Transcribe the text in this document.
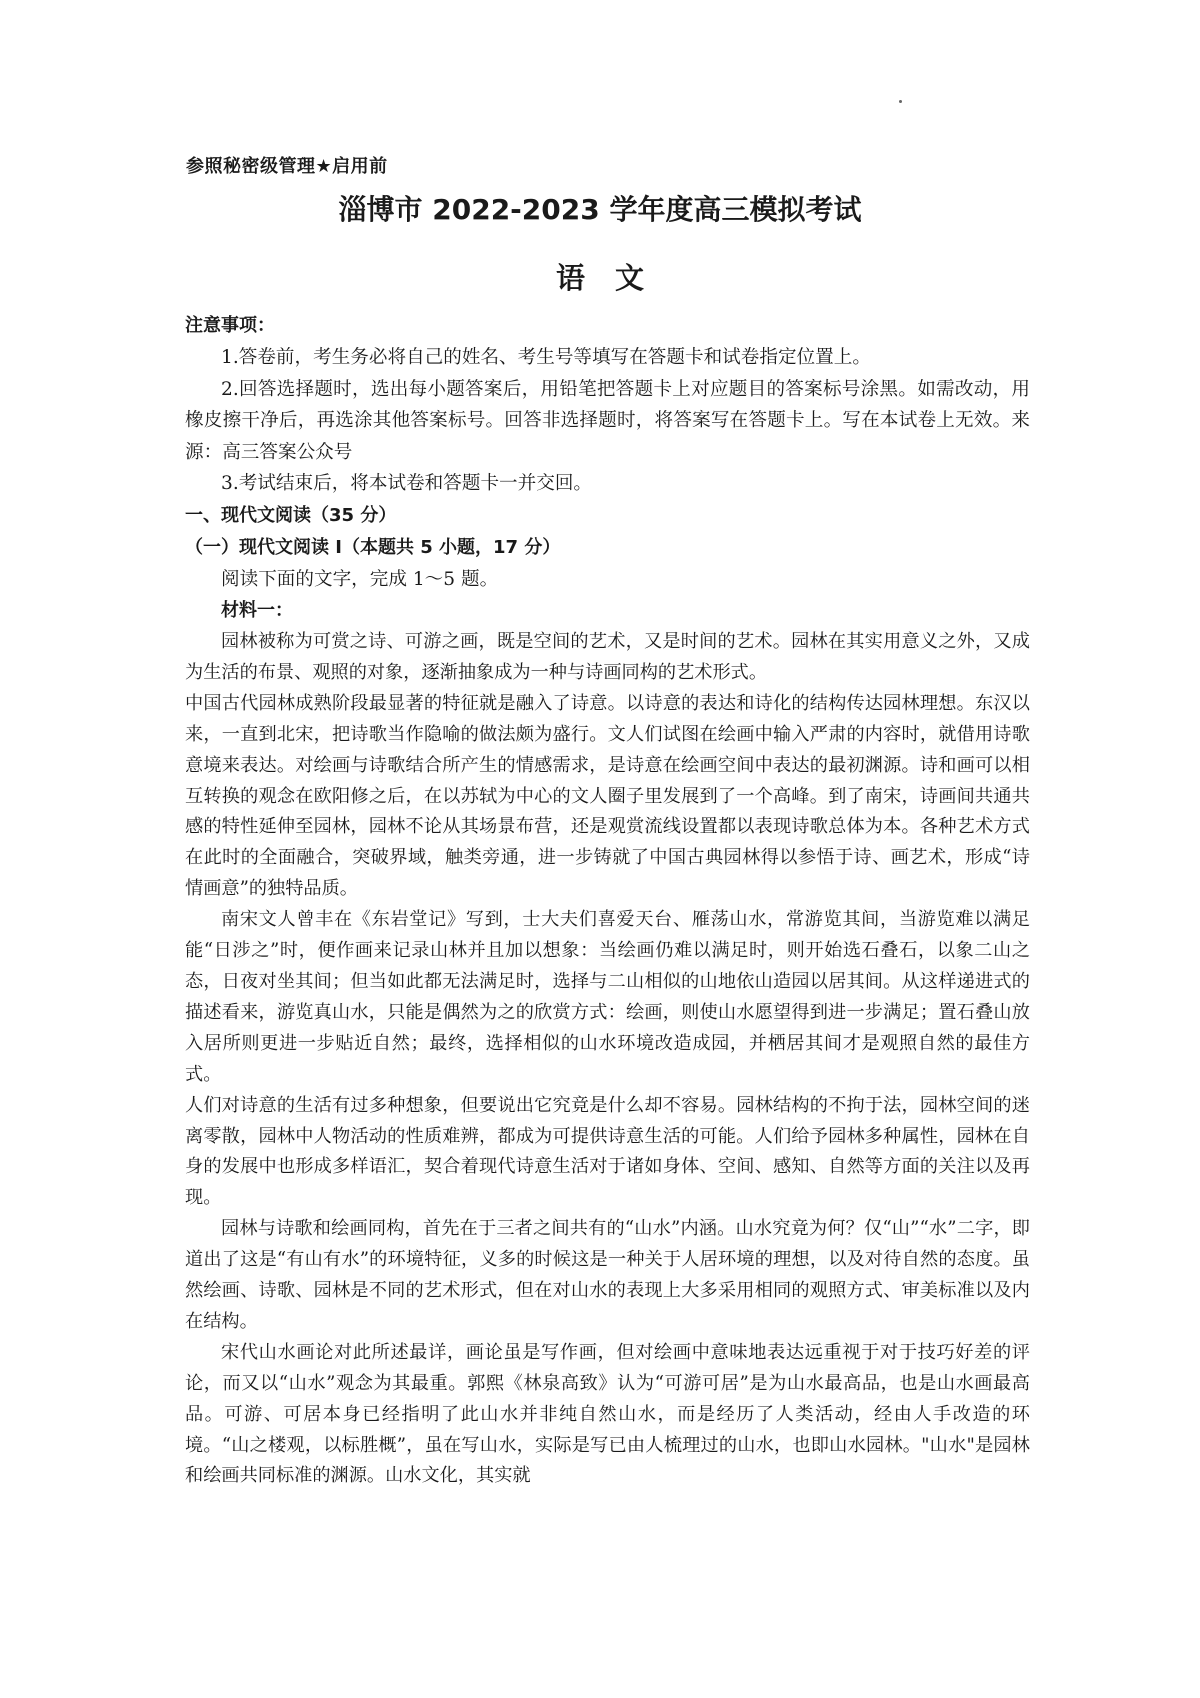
参照秘密级管理★启用前
淄博市 2022-2023 学年度高三模拟考试
语文
注意事项：

1.答卷前，考生务必将自己的姓名、考生号等填写在答题卡和试卷指定位置上。

2.回答选择题时，选出每小题答案后，用铅笔把答题卡上对应题目的答案标号涂黑。如需改动，用橡皮擦干净后，再选涂其他答案标号。回答非选择题时，将答案写在答题卡上。写在本试卷上无效。来源：高三答案公众号

3.考试结束后，将本试卷和答题卡一并交回。

一、现代文阅读（35 分）
（一）现代文阅读 I（本题共 5 小题，17 分）

阅读下面的文字，完成 1～5 题。

材料一：

园林被称为可赏之诗、可游之画，既是空间的艺术，又是时间的艺术。园林在其实用意义之外，又成为生活的布景、观照的对象，逐渐抽象成为一种与诗画同构的艺术形式。

中国古代园林成熟阶段最显著的特征就是融入了诗意。以诗意的表达和诗化的结构传达园林理想。东汉以来，一直到北宋，把诗歌当作隐喻的做法颇为盛行。文人们试图在绘画中输入严肃的内容时，就借用诗歌意境来表达。对绘画与诗歌结合所产生的情感需求，是诗意在绘画空间中表达的最初渊源。诗和画可以相互转换的观念在欧阳修之后，在以苏轼为中心的文人圈子里发展到了一个高峰。到了南宋，诗画间共通共感的特性延伸至园林，园林不论从其场景布营，还是观赏流线设置都以表现诗歌总体为本。各种艺术方式在此时的全面融合，突破界域，触类旁通，进一步铸就了中国古典园林得以参悟于诗、画艺术，形成“诗情画意”的独特品质。

南宋文人曾丰在《东岩堂记》写到，士大夫们喜爱天台、雁荡山水，常游览其间，当游览难以满足能“日涉之”时，便作画来记录山林并且加以想象：当绘画仍难以满足时，则开始选石叠石，以象二山之态，日夜对坐其间；但当如此都无法满足时，选择与二山相似的山地依山造园以居其间。从这样递进式的描述看来，游览真山水，只能是偶然为之的欣赏方式：绘画，则使山水愿望得到进一步满足；置石叠山放入居所则更进一步贴近自然；最终，选择相似的山水环境改造成园，并栖居其间才是观照自然的最佳方式。

人们对诗意的生活有过多种想象，但要说出它究竟是什么却不容易。园林结构的不拘于法，园林空间的迷离零散，园林中人物活动的性质难辨，都成为可提供诗意生活的可能。人们给予园林多种属性，园林在自身的发展中也形成多样语汇，契合着现代诗意生活对于诸如身体、空间、感知、自然等方面的关注以及再现。

园林与诗歌和绘画同构，首先在于三者之间共有的“山水”内涵。山水究竟为何？仅“山”“水”二字，即道出了这是“有山有水”的环境特征，义多的时候这是一种关于人居环境的理想，以及对待自然的态度。虽然绘画、诗歌、园林是不同的艺术形式，但在对山水的表现上大多采用相同的观照方式、审美标准以及内在结构。

宋代山水画论对此所述最详，画论虽是写作画，但对绘画中意味地表达远重视于对于技巧好差的评论，而又以“山水”观念为其最重。郭熙《林泉高致》认为“可游可居”是为山水最高品，也是山水画最高品。可游、可居本身已经指明了此山水并非纯自然山水，而是经历了人类活动，经由人手改造的环境。“山之楼观，以标胜概”，虽在写山水，实际是写已由人梳理过的山水，也即山水园林。"山水"是园林和绘画共同标准的渊源。山水文化，其实就
